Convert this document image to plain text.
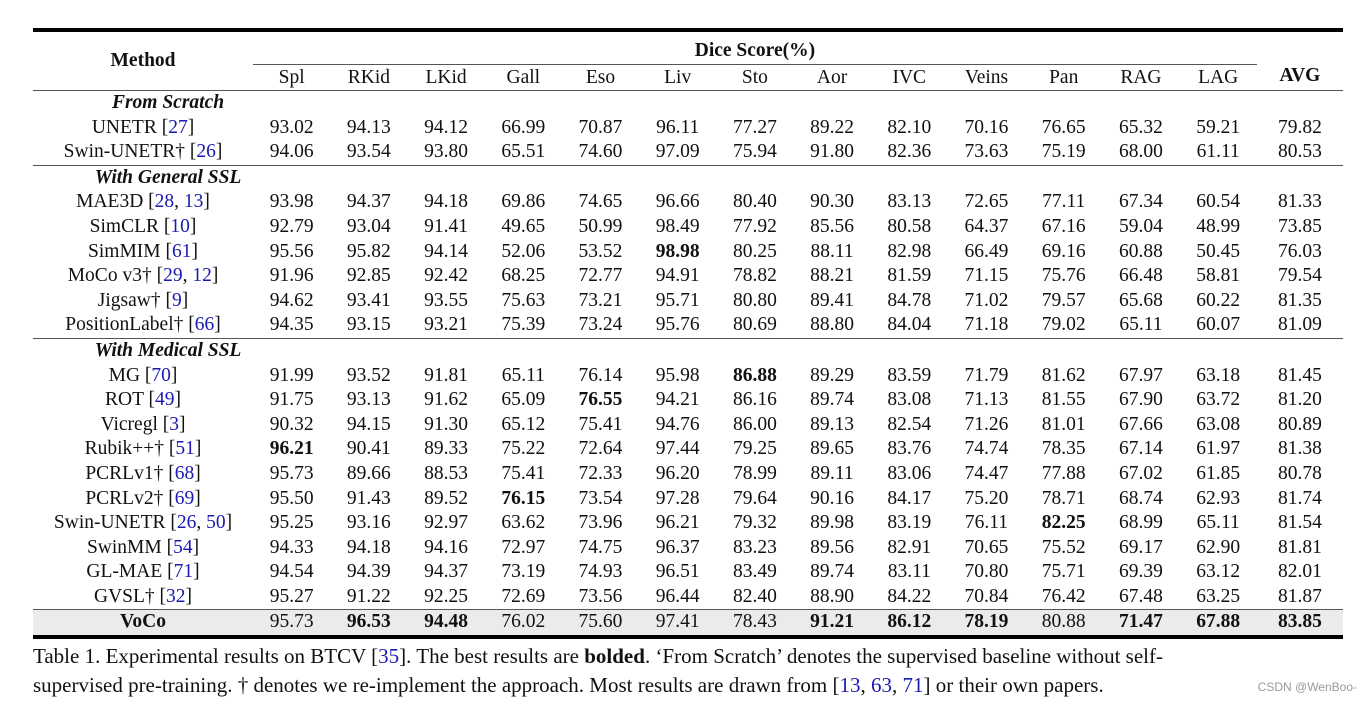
Method	Dice Score(%)													AVG
	Spl	RKid	LKid	Gall	Eso	Liv	Sto	Aor	IVC	Veins	Pan	RAG	LAG	
From Scratch														
UNETR [27]	93.02	94.13	94.12	66.99	70.87	96.11	77.27	89.22	82.10	70.16	76.65	65.32	59.21	79.82
Swin-UNETR† [26]	94.06	93.54	93.80	65.51	74.60	97.09	75.94	91.80	82.36	73.63	75.19	68.00	61.11	80.53
With General SSL														
MAE3D [28, 13]	93.98	94.37	94.18	69.86	74.65	96.66	80.40	90.30	83.13	72.65	77.11	67.34	60.54	81.33
SimCLR [10]	92.79	93.04	91.41	49.65	50.99	98.49	77.92	85.56	80.58	64.37	67.16	59.04	48.99	73.85
SimMIM [61]	95.56	95.82	94.14	52.06	53.52	98.98	80.25	88.11	82.98	66.49	69.16	60.88	50.45	76.03
MoCo v3† [29, 12]	91.96	92.85	92.42	68.25	72.77	94.91	78.82	88.21	81.59	71.15	75.76	66.48	58.81	79.54
Jigsaw† [9]	94.62	93.41	93.55	75.63	73.21	95.71	80.80	89.41	84.78	71.02	79.57	65.68	60.22	81.35
PositionLabel† [66]	94.35	93.15	93.21	75.39	73.24	95.76	80.69	88.80	84.04	71.18	79.02	65.11	60.07	81.09
With Medical SSL														
MG [70]	91.99	93.52	91.81	65.11	76.14	95.98	86.88	89.29	83.59	71.79	81.62	67.97	63.18	81.45
ROT [49]	91.75	93.13	91.62	65.09	76.55	94.21	86.16	89.74	83.08	71.13	81.55	67.90	63.72	81.20
Vicregl [3]	90.32	94.15	91.30	65.12	75.41	94.76	86.00	89.13	82.54	71.26	81.01	67.66	63.08	80.89
Rubik++† [51]	96.21	90.41	89.33	75.22	72.64	97.44	79.25	89.65	83.76	74.74	78.35	67.14	61.97	81.38
PCRLv1† [68]	95.73	89.66	88.53	75.41	72.33	96.20	78.99	89.11	83.06	74.47	77.88	67.02	61.85	80.78
PCRLv2† [69]	95.50	91.43	89.52	76.15	73.54	97.28	79.64	90.16	84.17	75.20	78.71	68.74	62.93	81.74
Swin-UNETR [26, 50]	95.25	93.16	92.97	63.62	73.96	96.21	79.32	89.98	83.19	76.11	82.25	68.99	65.11	81.54
SwinMM [54]	94.33	94.18	94.16	72.97	74.75	96.37	83.23	89.56	82.91	70.65	75.52	69.17	62.90	81.81
GL-MAE [71]	94.54	94.39	94.37	73.19	74.93	96.51	83.49	89.74	83.11	70.80	75.71	69.39	63.12	82.01
GVSL† [32]	95.27	91.22	92.25	72.69	73.56	96.44	82.40	88.90	84.22	70.84	76.42	67.48	63.25	81.87
VoCo	95.73	96.53	94.48	76.02	75.60	97.41	78.43	91.21	86.12	78.19	80.88	71.47	67.88	83.85
Table 1. Experimental results on BTCV [35]. The best results are bolded. ‘From Scratch’ denotes the supervised baseline without self-
supervised pre-training. † denotes we re-implement the approach. Most results are drawn from [13, 63, 71] or their own papers.	CSDN @WenBoo-
